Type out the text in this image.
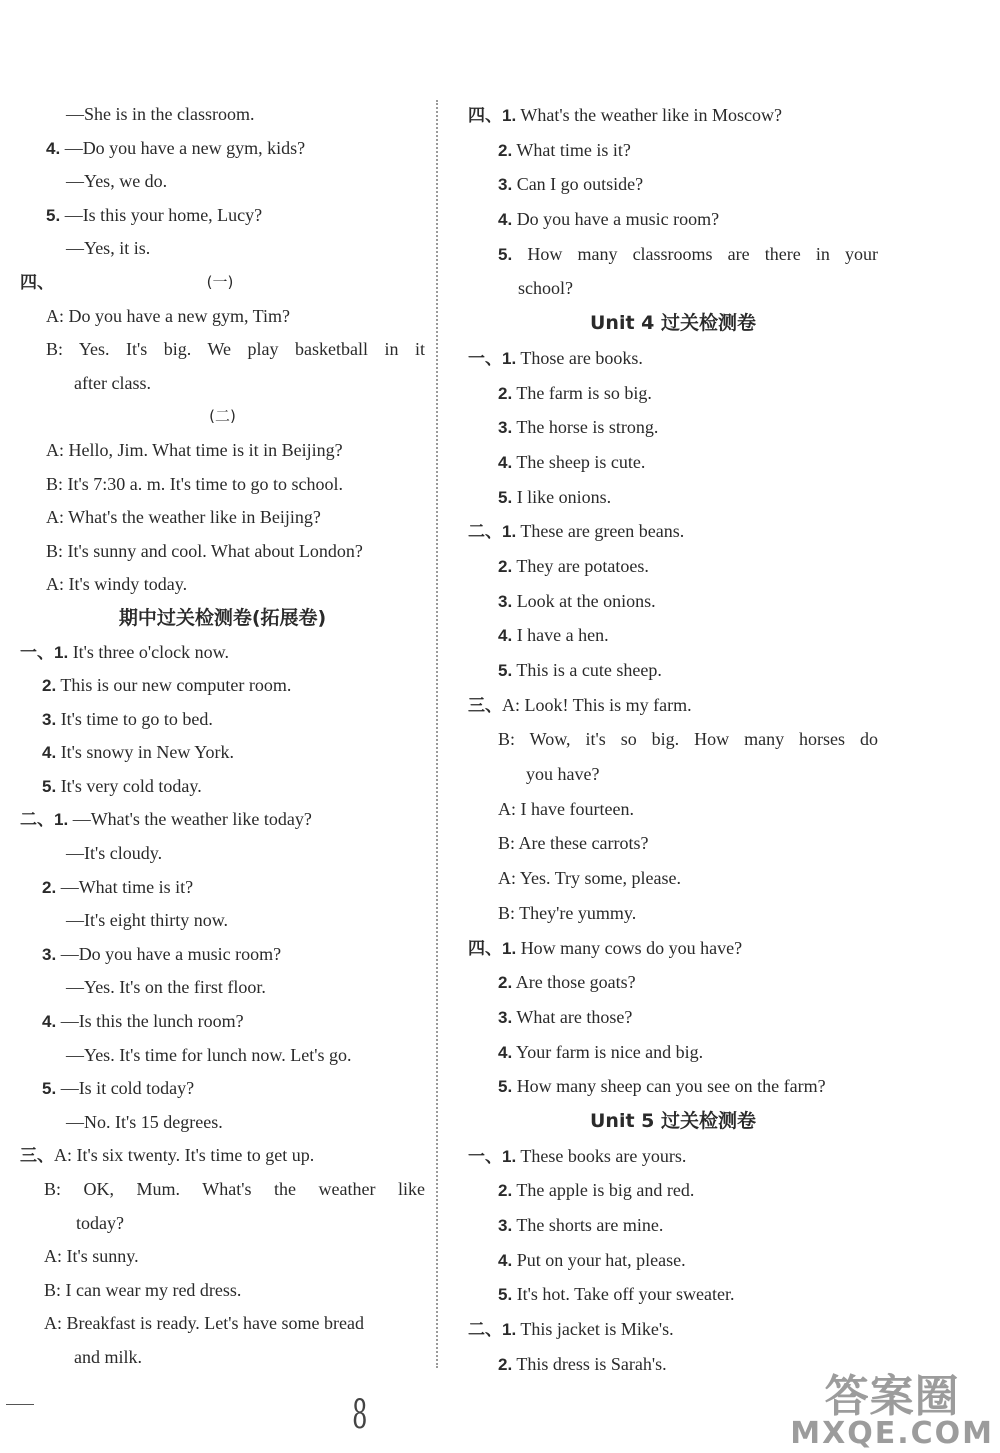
—She is in the classroom.
4. —Do you have a new gym, kids?
—Yes, we do.
5. —Is this your home, Lucy?
—Yes, it is.
四、	(一)
A: Do you have a new gym, Tim?
B: Yes. It's big. We play basketball in it
after class.
(二)
A: Hello, Jim. What time is it in Beijing?
B: It's 7:30 a. m. It's time to go to school.
A: What's the weather like in Beijing?
B: It's sunny and cool. What about London?
A: It's windy today.
期中过关检测卷(拓展卷)
一、1. It's three o'clock now.
2. This is our new computer room.
3. It's time to go to bed.
4. It's snowy in New York.
5. It's very cold today.
二、1. —What's the weather like today?
—It's cloudy.
2. —What time is it?
—It's eight thirty now.
3. —Do you have a music room?
—Yes. It's on the first floor.
4. —Is this the lunch room?
—Yes. It's time for lunch now. Let's go.
5. —Is it cold today?
—No. It's 15 degrees.
三、A: It's six twenty. It's time to get up.
B: OK, Mum. What's the weather like
today?
A: It's sunny.
B: I can wear my red dress.
A: Breakfast is ready. Let's have some bread
and milk.
四、1. What's the weather like in Moscow?
2. What time is it?
3. Can I go outside?
4. Do you have a music room?
5. How many classrooms are there in your
school?
Unit 4 过关检测卷
一、1. Those are books.
2. The farm is so big.
3. The horse is strong.
4. The sheep is cute.
5. I like onions.
二、1. These are green beans.
2. They are potatoes.
3. Look at the onions.
4. I have a hen.
5. This is a cute sheep.
三、A: Look! This is my farm.
B: Wow, it's so big. How many horses do
you have?
A: I have fourteen.
B: Are these carrots?
A: Yes. Try some, please.
B: They're yummy.
四、1. How many cows do you have?
2. Are those goats?
3. What are those?
4. Your farm is nice and big.
5. How many sheep can you see on the farm?
Unit 5 过关检测卷
一、1. These books are yours.
2. The apple is big and red.
3. The shorts are mine.
4. Put on your hat, please.
5. It's hot. Take off your sweater.
二、1. This jacket is Mike's.
2. This dress is Sarah's.
8	答案圈
MXQE.COM
